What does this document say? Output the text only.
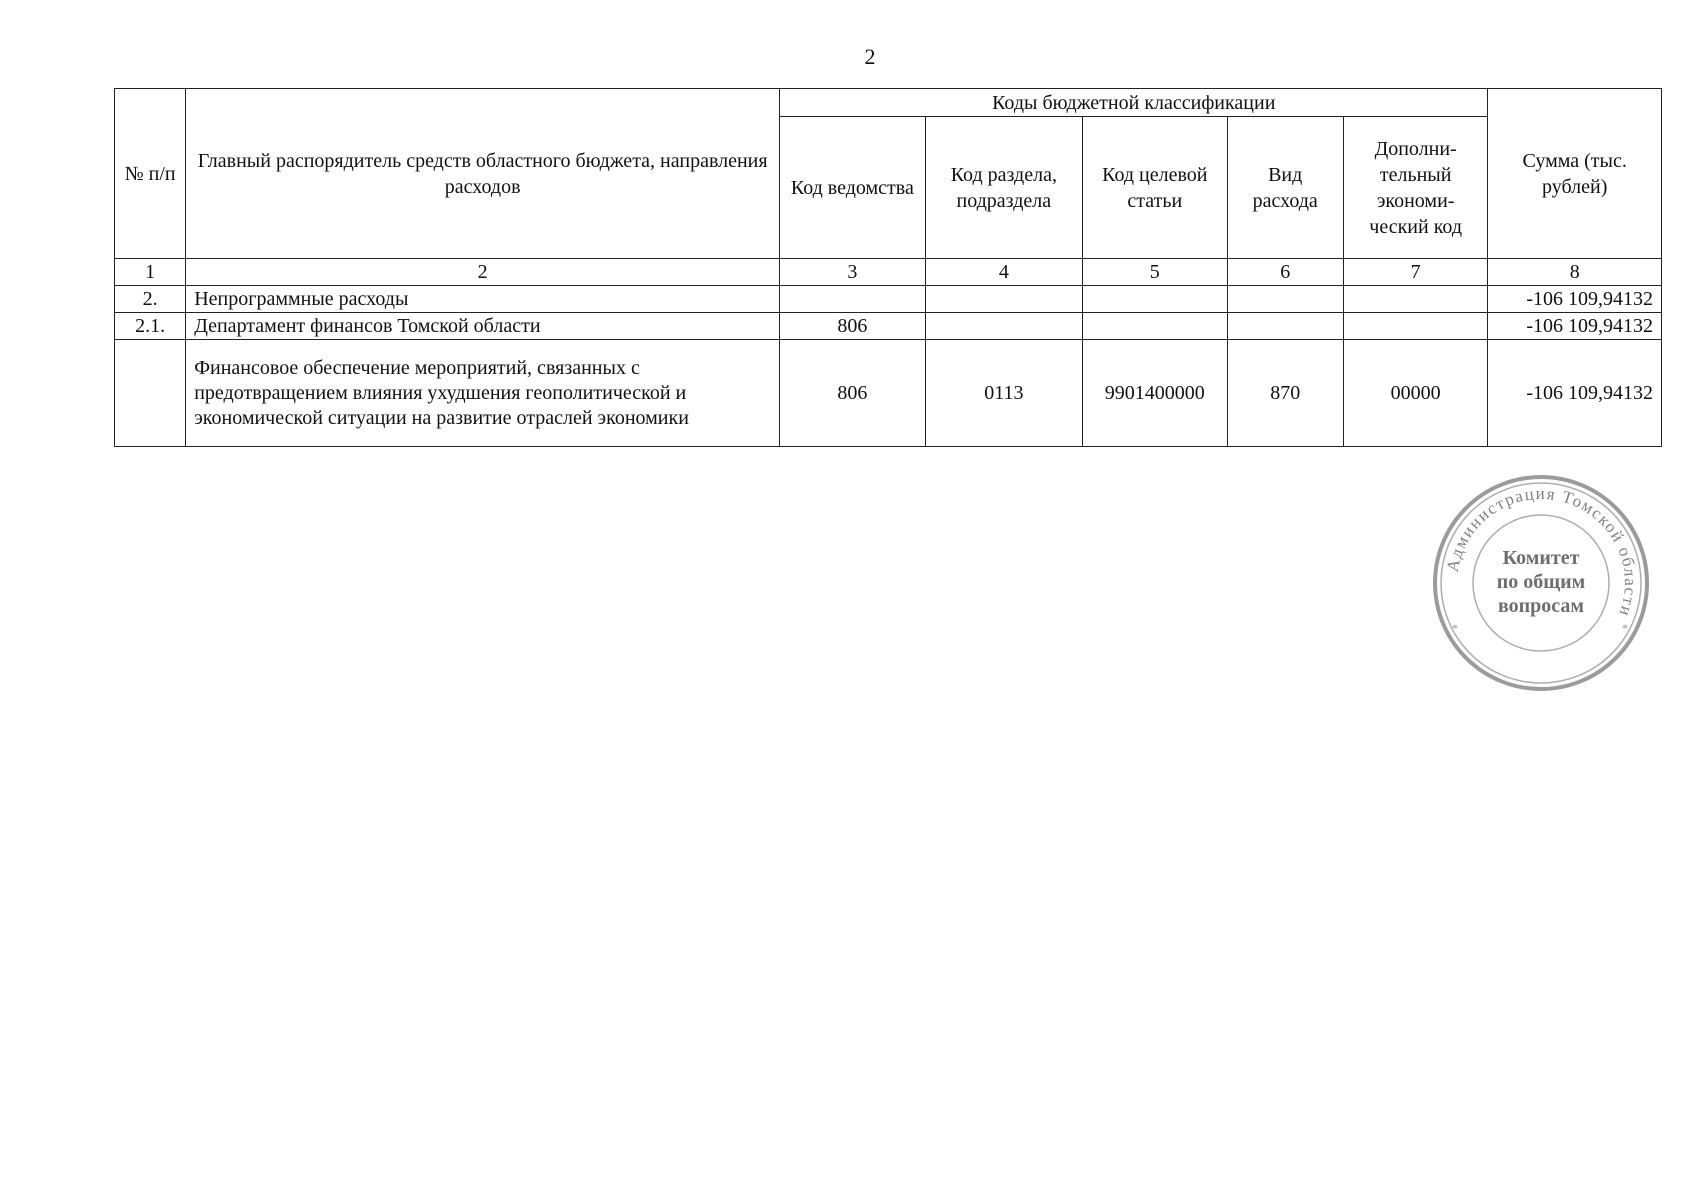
2
№ п/п	Главный распорядитель средств областного бюджета, направления расходов	Коды бюджетной классификации					Сумма (тыс. рублей)
		Код ведомства	Код раздела, подраздела	Код целевой статьи	Вид расхода	Дополни-тельный экономи-ческий код	
1	2	3	4	5	6	7	8
2.	Непрограммные расходы						-106 109,94132
2.1.	Департамент финансов Томской области	806					-106 109,94132
	Финансовое обеспечение мероприятий, связанных с предотвращением влияния ухудшения геополитической и экономической ситуации на развитие отраслей экономики	806	0113	9901400000	870	00000	-106 109,94132
Администрация Томской области
*	*
Комитет
по общим
вопросам
